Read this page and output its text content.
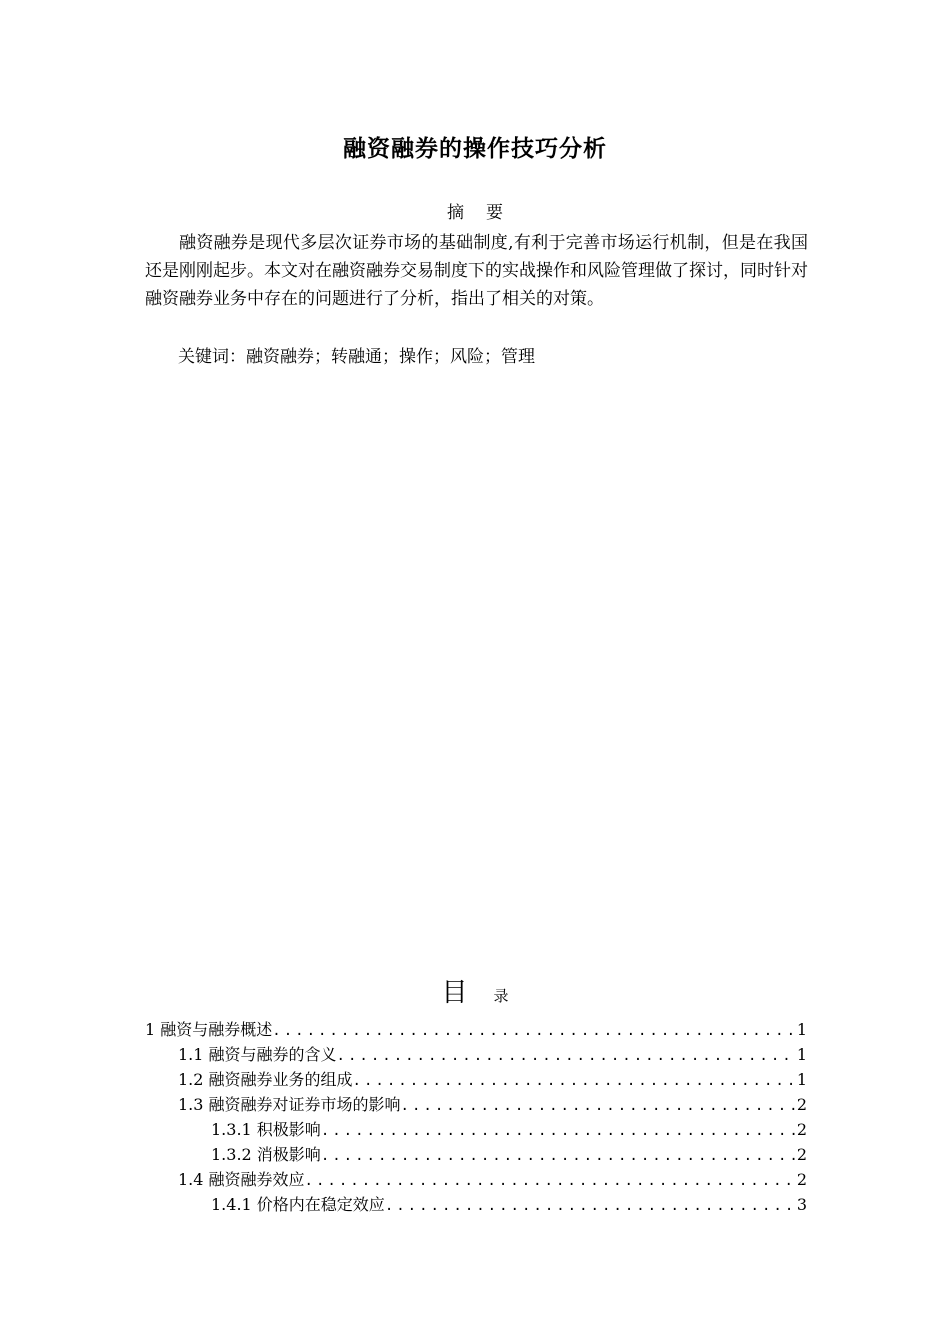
融资融券的操作技巧分析
摘要

融资融券是现代多层次证券市场的基础制度,有利于完善市场运行机制，但是在我国还是刚刚起步。本文对在融资融券交易制度下的实战操作和风险管理做了探讨，同时针对融资融券业务中存在的问题进行了分析，指出了相关的对策。

关键词：融资融券；转融通；操作；风险；管理
目 录
1 融资与融券概述 .....	1
1.1 融资与融券的含义 .....	1
1.2 融资融券业务的组成 .....	1
1.3 融资融券对证券市场的影响 .....	2
1.3.1 积极影响 .....	2
1.3.2 消极影响 .....	2
1.4 融资融券效应 .....	2
1.4.1 价格内在稳定效应 .....	3
